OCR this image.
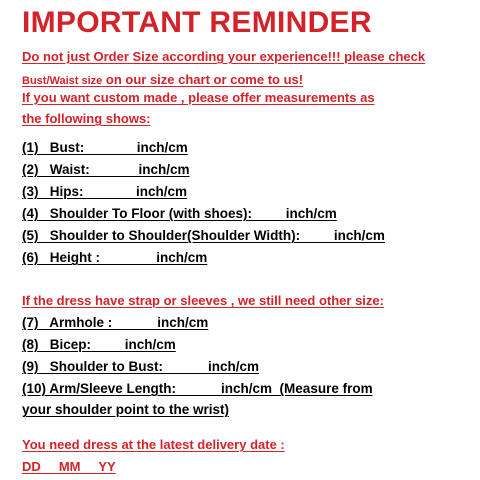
IMPORTANT REMINDER
Do not just Order Size according your experience!!! please check
Bust/Waist size on our size chart or come to us!
If you want custom made , please offer measurements as
the following shows:
(1)   Bust:              inch/cm
(2)   Waist:             inch/cm
(3)   Hips:              inch/cm
(4)   Shoulder To Floor (with shoes):         inch/cm
(5)   Shoulder to Shoulder(Shoulder Width):         inch/cm
(6)   Height :               inch/cm
If the dress have strap or sleeves , we still need other size:
(7)   Armhole :            inch/cm
(8)   Bicep:         inch/cm
(9)   Shoulder to Bust:            inch/cm
(10) Arm/Sleeve Length:            inch/cm  (Measure from
your shoulder point to the wrist)
You need dress at the latest delivery date :
DD     MM     YY
